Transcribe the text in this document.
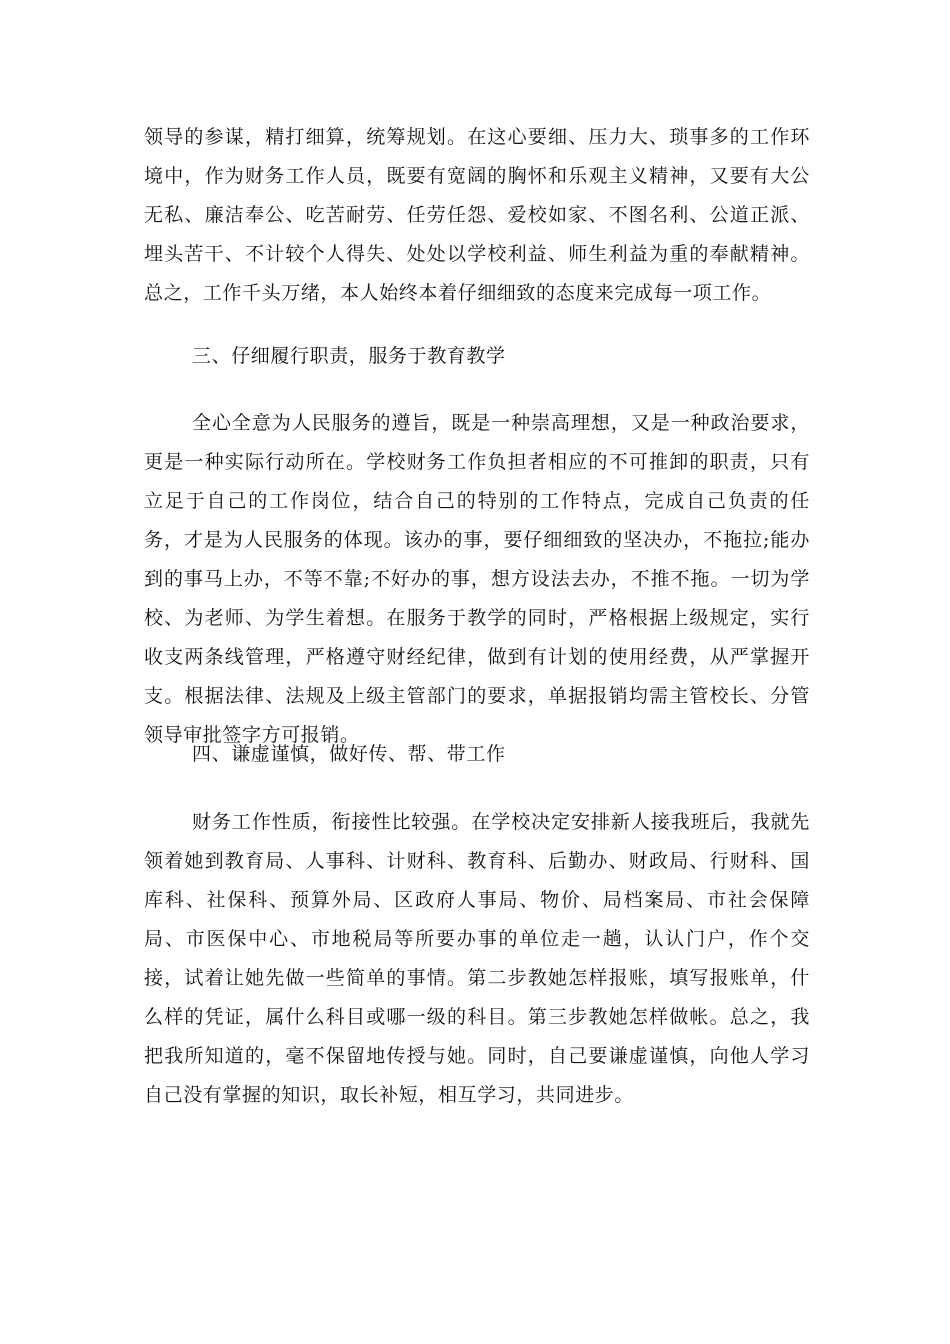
领导的参谋，精打细算，统筹规划。在这心要细、压力大、琐事多的工作环境中，作为财务工作人员，既要有宽阔的胸怀和乐观主义精神，又要有大公无私、廉洁奉公、吃苦耐劳、任劳任怨、爱校如家、不图名利、公道正派、埋头苦干、不计较个人得失、处处以学校利益、师生利益为重的奉献精神。总之，工作千头万绪，本人始终本着仔细细致的态度来完成每一项工作。

三、仔细履行职责，服务于教育教学

全心全意为人民服务的遵旨，既是一种崇高理想，又是一种政治要求，更是一种实际行动所在。学校财务工作负担者相应的不可推卸的职责，只有立足于自己的工作岗位，结合自己的特别的工作特点，完成自己负责的任务，才是为人民服务的体现。该办的事，要仔细细致的坚决办，不拖拉;能办到的事马上办，不等不靠;不好办的事，想方设法去办，不推不拖。一切为学校、为老师、为学生着想。在服务于教学的同时，严格根据上级规定，实行收支两条线管理，严格遵守财经纪律，做到有计划的使用经费，从严掌握开支。根据法律、法规及上级主管部门的要求，单据报销均需主管校长、分管领导审批签字方可报销。

四、谦虚谨慎，做好传、帮、带工作

财务工作性质，衔接性比较强。在学校决定安排新人接我班后，我就先领着她到教育局、人事科、计财科、教育科、后勤办、财政局、行财科、国库科、社保科、预算外局、区政府人事局、物价、局档案局、市社会保障局、市医保中心、市地税局等所要办事的单位走一趟，认认门户，作个交接，试着让她先做一些简单的事情。第二步教她怎样报账，填写报账单，什么样的凭证，属什么科目或哪一级的科目。第三步教她怎样做帐。总之，我把我所知道的，毫不保留地传授与她。同时，自己要谦虚谨慎，向他人学习自己没有掌握的知识，取长补短，相互学习，共同进步。
